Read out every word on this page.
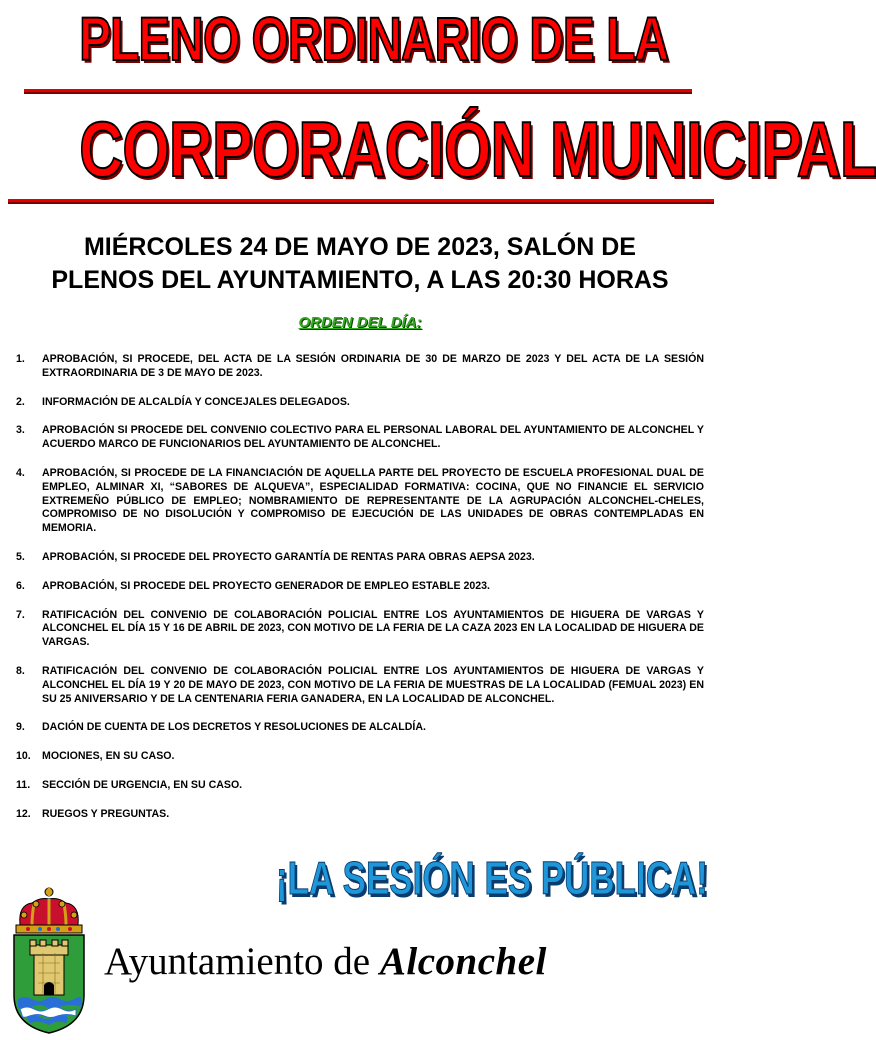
PLENO ORDINARIO DE LA
CORPORACIÓN MUNICIPAL
MIÉRCOLES 24 DE MAYO DE 2023, SALÓN DE
PLENOS DEL AYUNTAMIENTO, A LAS 20:30 HORAS
ORDEN DEL DÍA:
1. APROBACIÓN, SI PROCEDE, DEL ACTA DE LA SESIÓN ORDINARIA DE 30 DE MARZO DE 2023 Y DEL ACTA DE LA SESIÓN EXTRAORDINARIA DE 3 DE MAYO DE 2023.
2. INFORMACIÓN DE ALCALDÍA Y CONCEJALES DELEGADOS.
3. APROBACIÓN SI PROCEDE DEL CONVENIO COLECTIVO PARA EL PERSONAL LABORAL DEL AYUNTAMIENTO DE ALCONCHEL Y ACUERDO MARCO DE FUNCIONARIOS DEL AYUNTAMIENTO DE ALCONCHEL.
4. APROBACIÓN, SI PROCEDE DE LA FINANCIACIÓN DE AQUELLA PARTE DEL PROYECTO DE ESCUELA PROFESIONAL DUAL DE EMPLEO, ALMINAR XI, “SABORES DE ALQUEVA”, ESPECIALIDAD FORMATIVA: COCINA, QUE NO FINANCIE EL SERVICIO EXTREMEÑO PÚBLICO DE EMPLEO; NOMBRAMIENTO DE REPRESENTANTE DE LA AGRUPACIÓN ALCONCHEL-CHELES, COMPROMISO DE NO DISOLUCIÓN Y COMPROMISO DE EJECUCIÓN DE LAS UNIDADES DE OBRAS CONTEMPLADAS EN MEMORIA.
5. APROBACIÓN, SI PROCEDE DEL PROYECTO GARANTÍA DE RENTAS PARA OBRAS AEPSA 2023.
6. APROBACIÓN, SI PROCEDE DEL PROYECTO GENERADOR DE EMPLEO ESTABLE 2023.
7. RATIFICACIÓN DEL CONVENIO DE COLABORACIÓN POLICIAL ENTRE LOS AYUNTAMIENTOS DE HIGUERA DE VARGAS Y ALCONCHEL EL DÍA 15 Y 16 DE ABRIL DE 2023, CON MOTIVO DE LA FERIA DE LA CAZA 2023 EN LA LOCALIDAD DE HIGUERA DE VARGAS.
8. RATIFICACIÓN DEL CONVENIO DE COLABORACIÓN POLICIAL ENTRE LOS AYUNTAMIENTOS DE HIGUERA DE VARGAS Y ALCONCHEL EL DÍA 19 Y 20 DE MAYO DE 2023, CON MOTIVO DE LA FERIA DE MUESTRAS DE LA LOCALIDAD (FEMUAL 2023) EN SU 25 ANIVERSARIO Y DE LA CENTENARIA FERIA GANADERA, EN LA LOCALIDAD DE ALCONCHEL.
9. DACIÓN DE CUENTA DE LOS DECRETOS Y RESOLUCIONES DE ALCALDÍA.
10. MOCIONES, EN SU CASO.
11. SECCIÓN DE URGENCIA, EN SU CASO.
12. RUEGOS Y PREGUNTAS.
¡LA SESIÓN ES PÚBLICA!
Ayuntamiento de Alconchel
